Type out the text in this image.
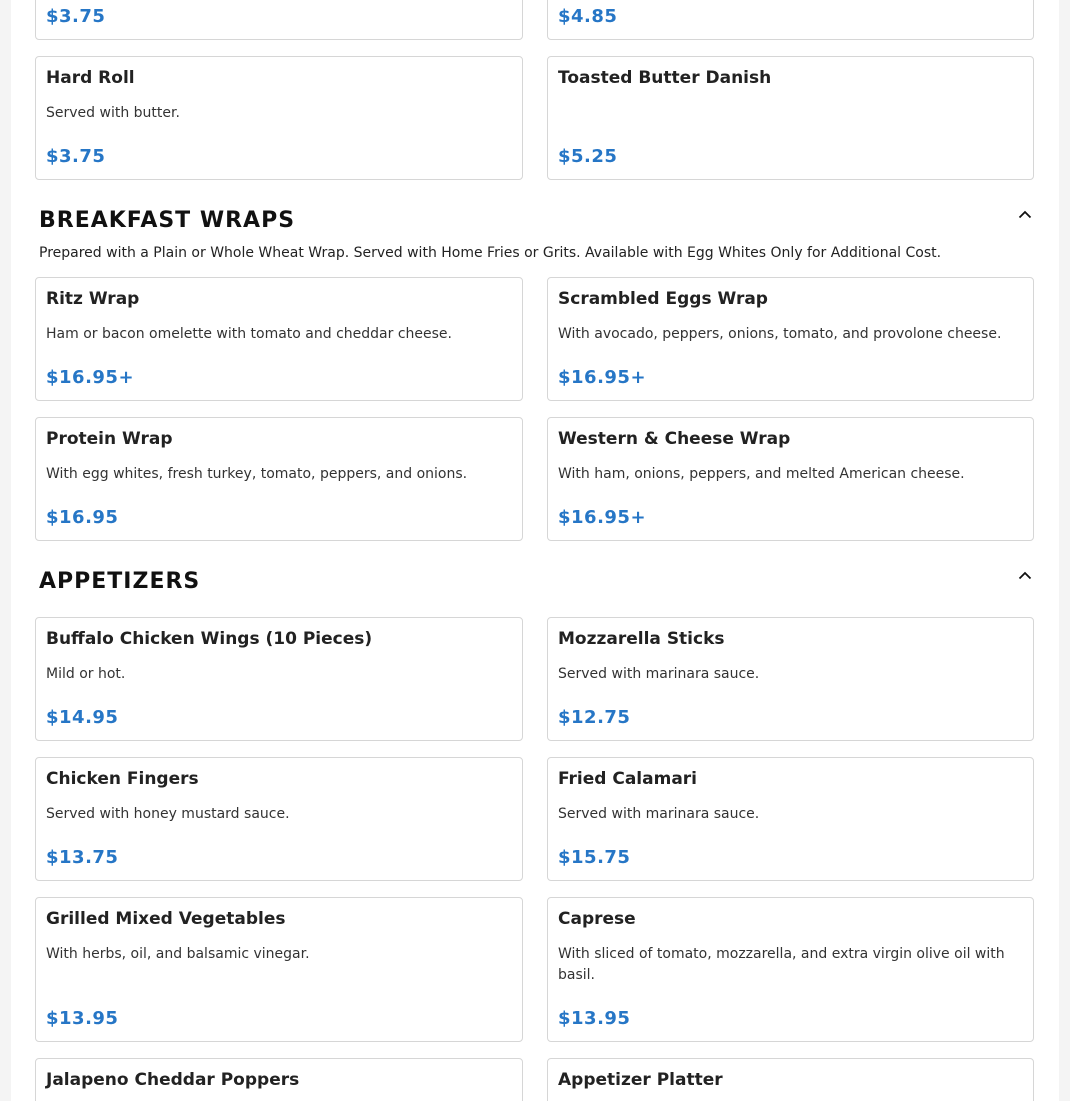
$3.75	$4.85
Hard Roll
Served with butter.
$3.75
Toasted Butter Danish
$5.25
BREAKFAST WRAPS
Prepared with a Plain or Whole Wheat Wrap. Served with Home Fries or Grits. Available with Egg Whites Only for Additional Cost.
Ritz Wrap
Ham or bacon omelette with tomato and cheddar cheese.
$16.95+
Scrambled Eggs Wrap
With avocado, peppers, onions, tomato, and provolone cheese.
$16.95+
Protein Wrap
With egg whites, fresh turkey, tomato, peppers, and onions.
$16.95
Western & Cheese Wrap
With ham, onions, peppers, and melted American cheese.
$16.95+
APPETIZERS
Buffalo Chicken Wings (10 Pieces)
Mild or hot.
$14.95
Mozzarella Sticks
Served with marinara sauce.
$12.75
Chicken Fingers
Served with honey mustard sauce.
$13.75
Fried Calamari
Served with marinara sauce.
$15.75
Grilled Mixed Vegetables
With herbs, oil, and balsamic vinegar.
$13.95
Caprese
With sliced of tomato, mozzarella, and extra virgin olive oil with basil.
$13.95
Jalapeno Cheddar Poppers	Appetizer Platter
